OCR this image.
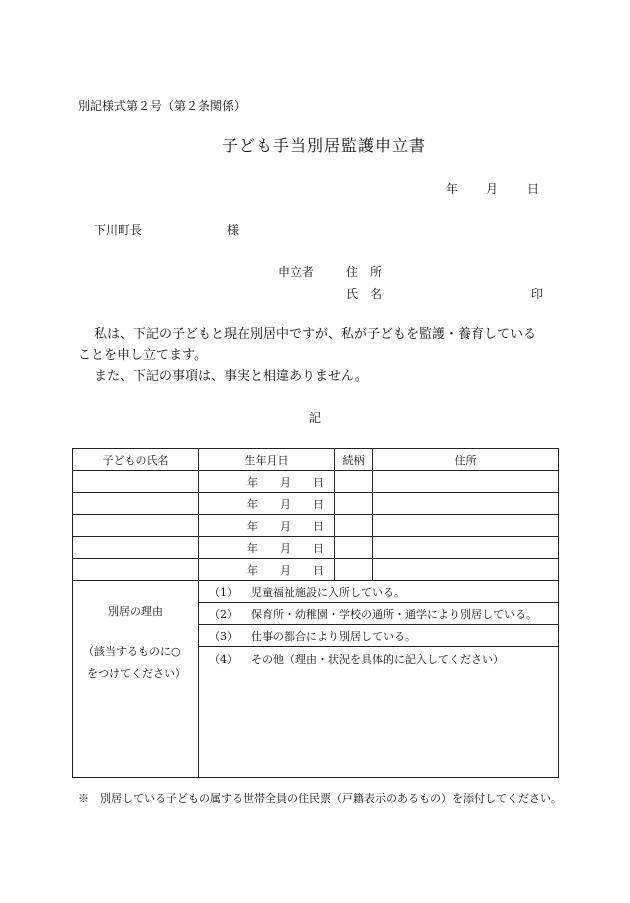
別記様式第２号（第２条関係）
子ども手当別居監護申立書
年 月 日
下川町長	様
申立者	住　所
氏　名	印
私は、下記の子どもと現在別居中ですが、私が子どもを監護・養育している
ことを申し立てます。
また、下記の事項は、事実と相違ありません。
記
子どもの氏名	生年月日	続柄	住所

	年 月 日		

	年 月 日		

	年 月 日		

	年 月 日		

	年 月 日		

別居の理由
（該当するものに○
をつけてください）	（1） 児童福祉施設に入所している。		
	（2） 保育所・幼稚園・学校の通所・通学により別居している。		
	（3） 仕事の都合により別居している。		
	（4） その他（理由・状況を具体的に記入してください）		
※　別居している子どもの属する世帯全員の住民票（戸籍表示のあるもの）を添付してください。
